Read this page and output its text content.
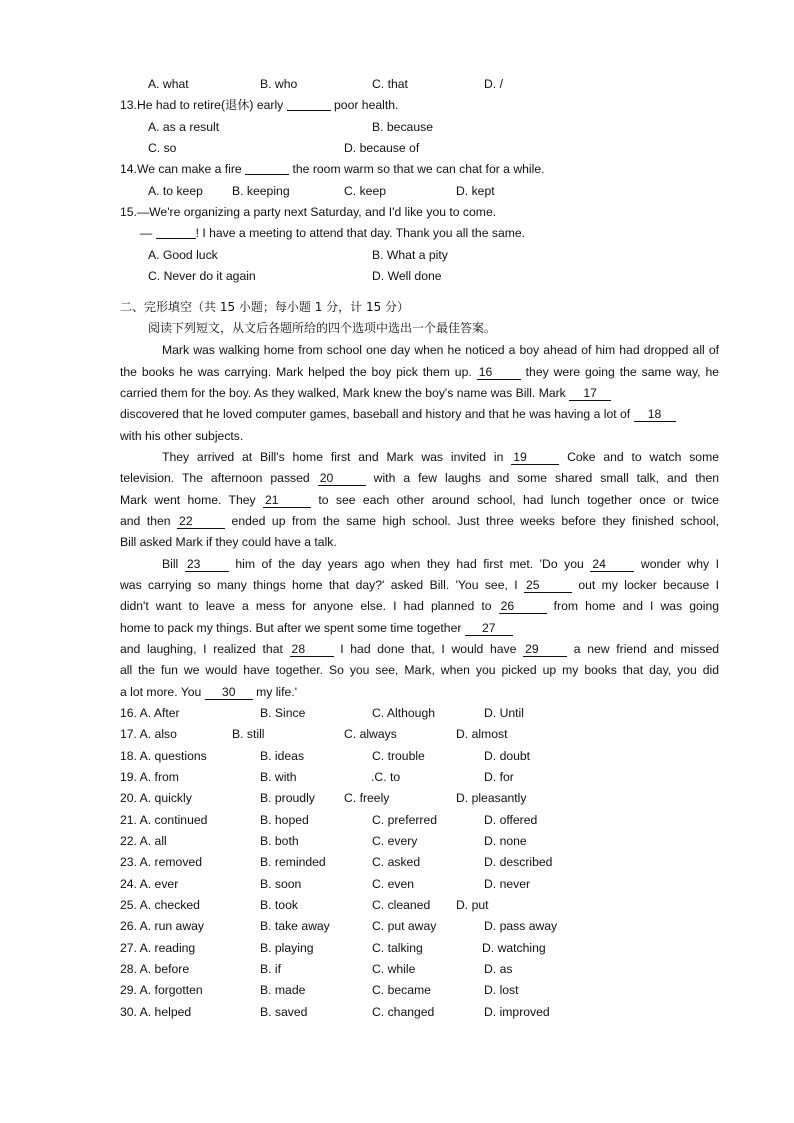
A. what	B. who	C. that	D. /
13.He had to retire(退休) early	poor health.
A. as a result	B. because
C. so	D. because of
14.We can make a fire	the room warm so that we can chat for a while.
A. to keep B. keeping	C. keep	D. kept
15.—We're organizing a party next Saturday, and I'd like you to come.
—	! I have a meeting to attend that day. Thank you all the same.
A. Good luck	B. What a pity
C. Never do it again	D. Well done
二、完形填空（共 15 小题；每小题 1 分，计 15 分）
阅读下列短文，从文后各题所给的四个选项中选出一个最佳答案。
Mark was walking home from school one day when he noticed a boy ahead of him had dropped all of
the books he was carrying. Mark helped the boy pick them up. 16	they were going the same way, he
carried them for the boy. As they walked, Mark knew the boy's name was Bill. Mark 17
discovered that he loved computer games, baseball and history and that he was having a lot of 18
with his other subjects.
They arrived at Bill's home first and Mark was invited in 19	Coke and to watch some
television. The afternoon passed 20	with a few laughs and some shared small talk, and then
Mark went home. They 21	to see each other around school, had lunch together once or twice
and then 22	ended up from the same high school. Just three weeks before they finished school,
Bill asked Mark if they could have a talk.
Bill 23	him of the day years ago when they had first met. 'Do you 24	wonder why I
was carrying so many things home that day?' asked Bill. 'You see, I 25	out my locker because I
didn't want to leave a mess for anyone else. I had planned to 26	from home and I was going
home to pack my things. But after we spent some time together 27
and laughing, I realized that 28	I had done that, I would have 29	a new friend and missed
all the fun we would have together. So you see, Mark, when you picked up my books that day, you did
a lot more. You 30 my life.'
16. A. After	B. Since	C. Although	D. Until
17. A. also	B. still	C. always	D. almost
18. A. questions	B. ideas	C. trouble	D. doubt
19. A. from	B. with	.C. to	D. for
20. A. quickly	B. proudly C. freely	D. pleasantly
21. A. continued	B. hoped	C. preferred	D. offered
22. A. all	B. both	C. every	D. none
23. A. removed	B. reminded	C. asked	D. described
24. A. ever	B. soon	C. even	D. never
25. A. checked	B. took	C. cleaned D. put
26. A. run away	B. take away	C. put away	D. pass away
27. A. reading	B. playing	C. talking	D. watching
28. A. before	B. if	C. while	D. as
29. A. forgotten	B. made	C. became	D. lost
30. A. helped	B. saved	C. changed	D. improved
